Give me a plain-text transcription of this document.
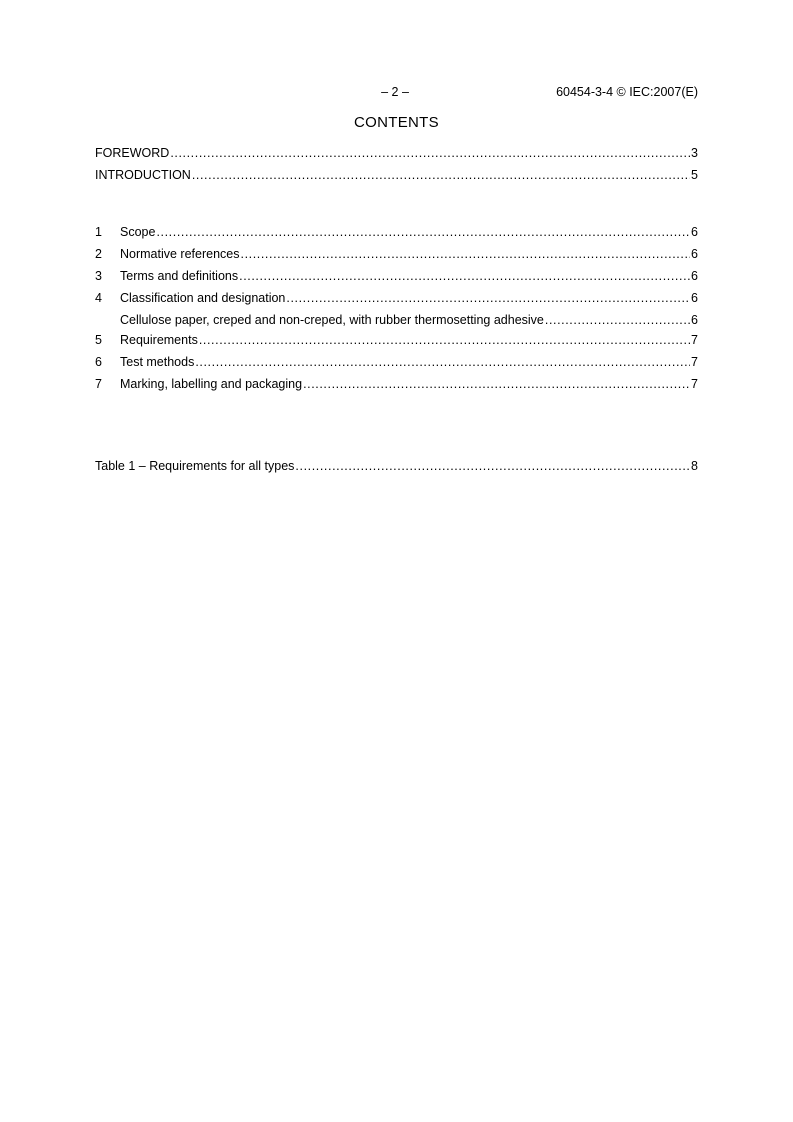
– 2 –	60454-3-4 © IEC:2007(E)
CONTENTS
FOREWORD .....	3
INTRODUCTION .....	5
1	Scope .....	6
2	Normative references .....	6
3	Terms and definitions .....	6
4	Classification and designation .....	6
Cellulose paper, creped and non-creped, with rubber thermosetting adhesive .....	6
5	Requirements .....	7
6	Test methods .....	7
7	Marking, labelling and packaging .....	7
Table 1 – Requirements for all types .....	8
